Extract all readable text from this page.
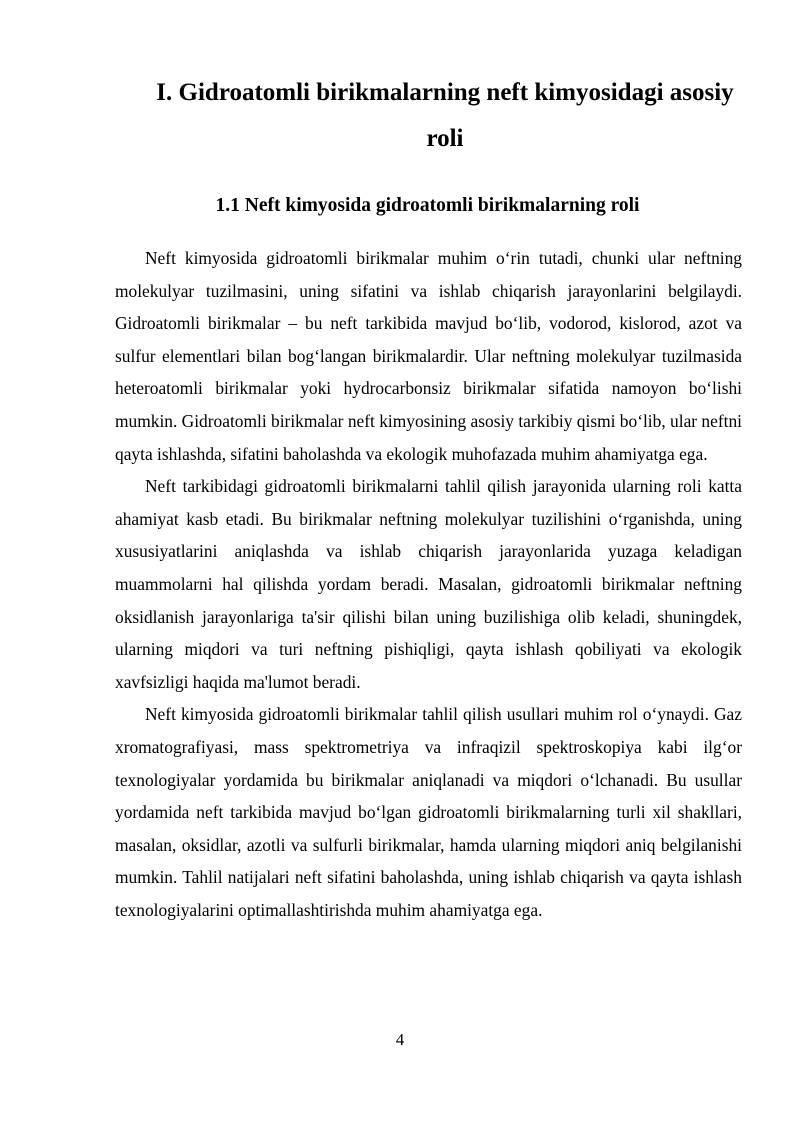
I. Gidroatomli birikmalarning neft kimyosidagi asosiy roli
1.1 Neft kimyosida gidroatomli birikmalarning roli

Neft kimyosida gidroatomli birikmalar muhim o‘rin tutadi, chunki ular neftning molekulyar tuzilmasini, uning sifatini va ishlab chiqarish jarayonlarini belgilaydi. Gidroatomli birikmalar – bu neft tarkibida mavjud bo‘lib, vodorod, kislorod, azot va sulfur elementlari bilan bog‘langan birikmalardir. Ular neftning molekulyar tuzilmasida heteroatomli birikmalar yoki hydrocarbonsiz birikmalar sifatida namoyon bo‘lishi mumkin. Gidroatomli birikmalar neft kimyosining asosiy tarkibiy qismi bo‘lib, ular neftni qayta ishlashda, sifatini baholashda va ekologik muhofazada muhim ahamiyatga ega.

Neft tarkibidagi gidroatomli birikmalarni tahlil qilish jarayonida ularning roli katta ahamiyat kasb etadi. Bu birikmalar neftning molekulyar tuzilishini o‘rganishda, uning xususiyatlarini aniqlashda va ishlab chiqarish jarayonlarida yuzaga keladigan muammolarni hal qilishda yordam beradi. Masalan, gidroatomli birikmalar neftning oksidlanish jarayonlariga ta'sir qilishi bilan uning buzilishiga olib keladi, shuningdek, ularning miqdori va turi neftning pishiqligi, qayta ishlash qobiliyati va ekologik xavfsizligi haqida ma'lumot beradi.

Neft kimyosida gidroatomli birikmalar tahlil qilish usullari muhim rol o‘ynaydi. Gaz xromatografiyasi, mass spektrometriya va infraqizil spektroskopiya kabi ilg‘or texnologiyalar yordamida bu birikmalar aniqlanadi va miqdori o‘lchanadi. Bu usullar yordamida neft tarkibida mavjud bo‘lgan gidroatomli birikmalarning turli xil shakllari, masalan, oksidlar, azotli va sulfurli birikmalar, hamda ularning miqdori aniq belgilanishi mumkin. Tahlil natijalari neft sifatini baholashda, uning ishlab chiqarish va qayta ishlash texnologiyalarini optimallashtirishda muhim ahamiyatga ega.

4
